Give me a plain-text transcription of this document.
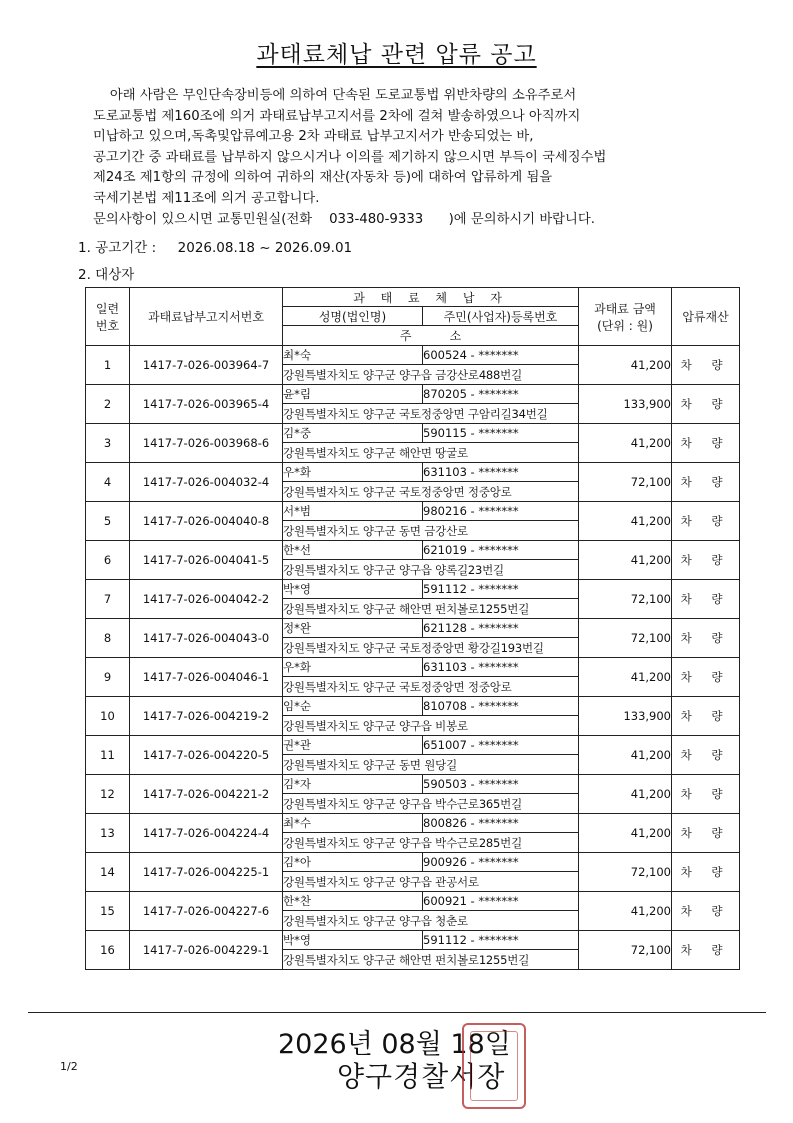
과태료체납 관련 압류 공고
아래 사람은 무인단속장비등에 의하여 단속된 도로교통법 위반차량의 소유주로서
도로교통법 제160조에 의거 과태료납부고지서를 2차에 걸쳐 발송하였으나 아직까지
미납하고 있으며,독촉및압류예고용 2차 과태료 납부고지서가 반송되었는 바,
공고기간 중 과태료를 납부하지 않으시거나 이의를 제기하지 않으시면 부득이 국세징수법
제24조 제1항의 규정에 의하여 귀하의 재산(자동차 등)에 대하여 압류하게 됨을
국세기본법 제11조에 의거 공고합니다.
문의사항이 있으시면 교통민원실(전화    033-480-9333      )에 문의하시기 바랍니다.
1. 공고기간 : 2026.08.18 ~ 2026.09.01
2. 대상자
일련
번호	과태료납부고지서번호	과 태 료 체 납 자		과태료 금액
(단위 : 원)	압류재산
		성명(법인명)	주민(사업자)등록번호		
		주          소			
1	1417-7-026-003964-7	최*숙	600524 - *******	41,200	차 량
		강원특별자치도 양구군 양구읍 금강산로488번길			
2	1417-7-026-003965-4	윤*림	870205 - *******	133,900	차 량
		강원특별자치도 양구군 국토정중앙면 구암리길34번길			
3	1417-7-026-003968-6	김*중	590115 - *******	41,200	차 량
		강원특별자치도 양구군 해안면 땅굴로			
4	1417-7-026-004032-4	우*화	631103 - *******	72,100	차 량
		강원특별자치도 양구군 국토정중앙면 정중앙로			
5	1417-7-026-004040-8	서*범	980216 - *******	41,200	차 량
		강원특별자치도 양구군 동면 금강산로			
6	1417-7-026-004041-5	한*선	621019 - *******	41,200	차 량
		강원특별자치도 양구군 양구읍 양록길23번길			
7	1417-7-026-004042-2	박*영	591112 - *******	72,100	차 량
		강원특별자치도 양구군 해안면 펀치볼로1255번길			
8	1417-7-026-004043-0	정*완	621128 - *******	72,100	차 량
		강원특별자치도 양구군 국토정중앙면 황강길193번길			
9	1417-7-026-004046-1	우*화	631103 - *******	41,200	차 량
		강원특별자치도 양구군 국토정중앙면 정중앙로			
10	1417-7-026-004219-2	임*순	810708 - *******	133,900	차 량
		강원특별자치도 양구군 양구읍 비봉로			
11	1417-7-026-004220-5	권*관	651007 - *******	41,200	차 량
		강원특별자치도 양구군 동면 원당길			
12	1417-7-026-004221-2	김*자	590503 - *******	41,200	차 량
		강원특별자치도 양구군 양구읍 박수근로365번길			
13	1417-7-026-004224-4	최*수	800826 - *******	41,200	차 량
		강원특별자치도 양구군 양구읍 박수근로285번길			
14	1417-7-026-004225-1	김*아	900926 - *******	72,100	차 량
		강원특별자치도 양구군 양구읍 관공서로			
15	1417-7-026-004227-6	한*찬	600921 - *******	41,200	차 량
		강원특별자치도 양구군 양구읍 청춘로			
16	1417-7-026-004229-1	박*영	591112 - *******	72,100	차 량
		강원특별자치도 양구군 해안면 펀치볼로1255번길			
1/2
2026년 08월 18일
양구경찰서장
